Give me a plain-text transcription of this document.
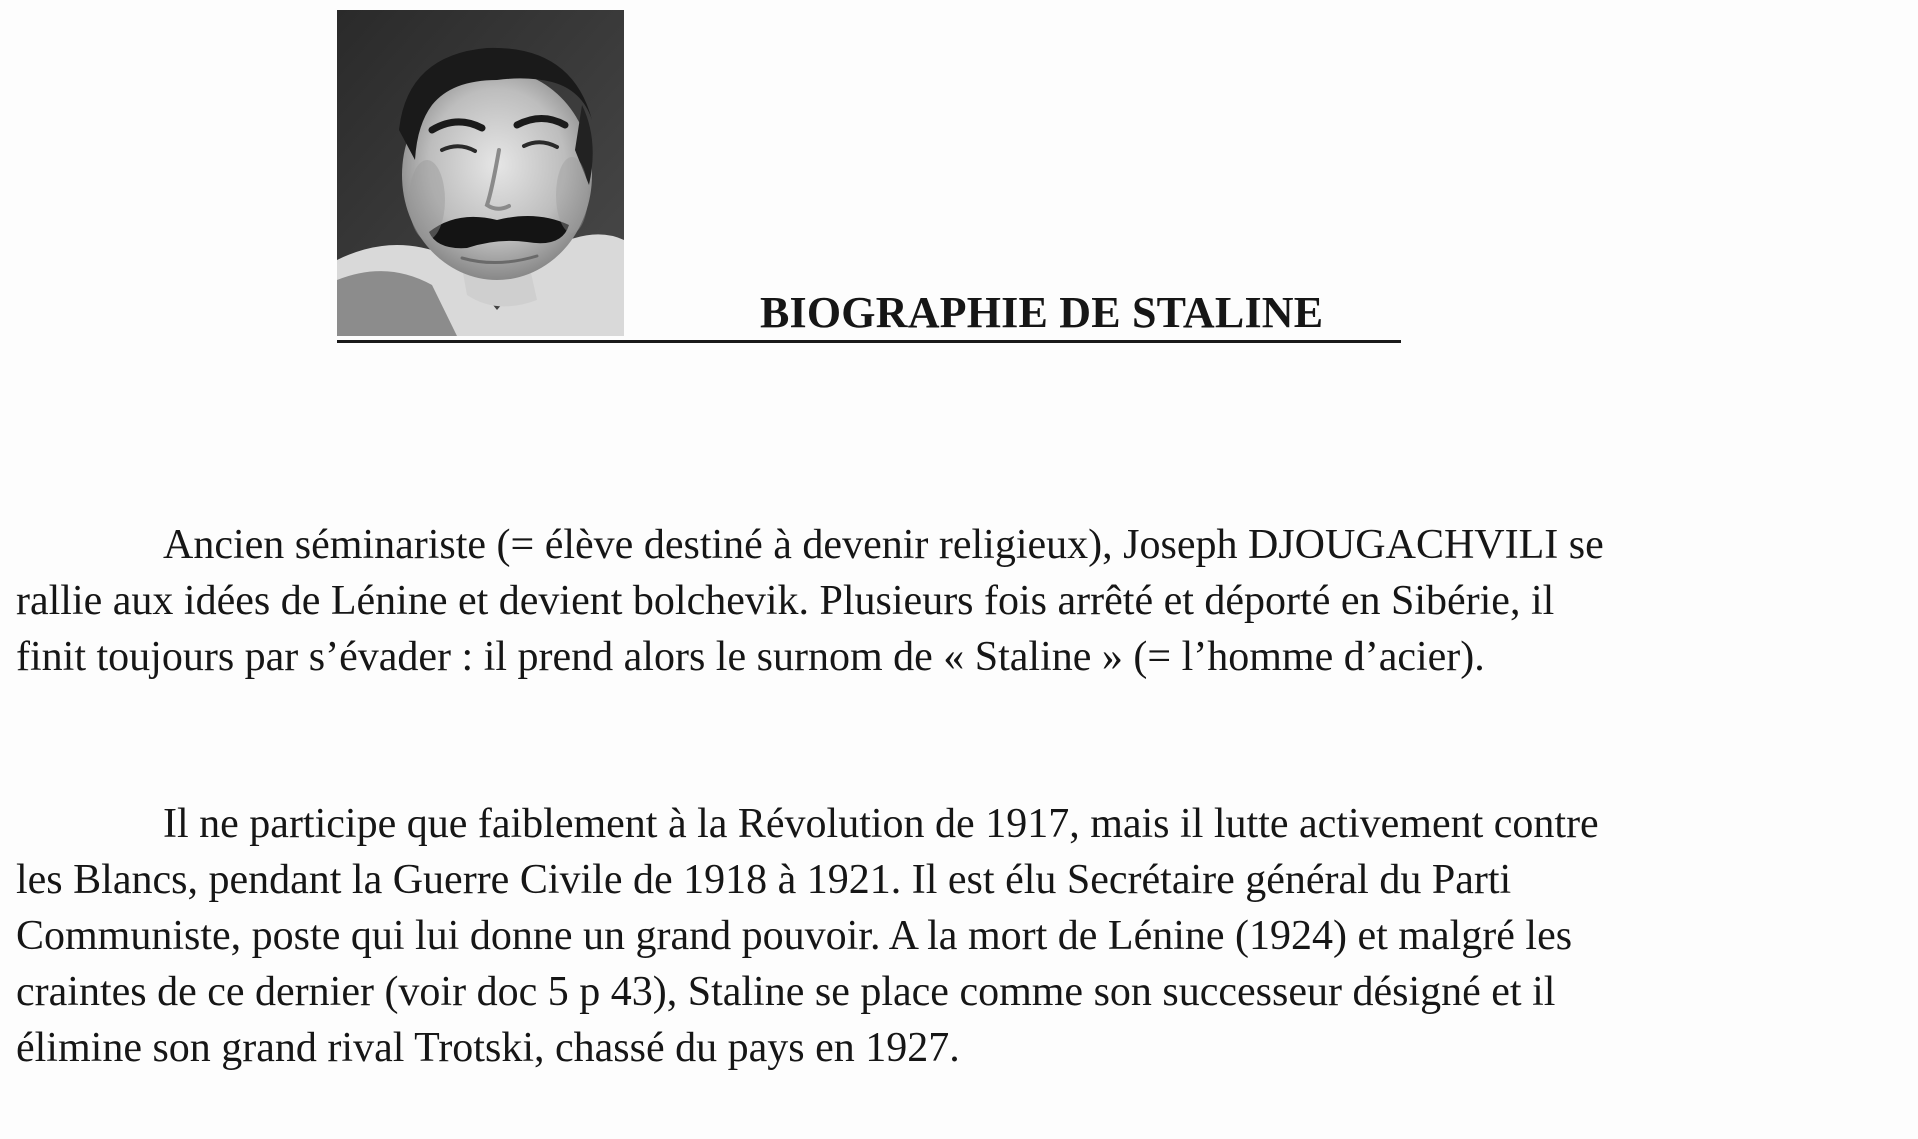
BIOGRAPHIE DE STALINE

Ancien séminariste (= élève destiné à devenir religieux), Joseph DJOUGACHVILI se
rallie aux idées de Lénine et devient bolchevik. Plusieurs fois arrêté et déporté en Sibérie, il
finit toujours par s’évader : il prend alors le surnom de « Staline » (= l’homme d’acier).

Il ne participe que faiblement à la Révolution de 1917, mais il lutte activement contre
les Blancs, pendant la Guerre Civile de 1918 à 1921. Il est élu Secrétaire général du Parti
Communiste, poste qui lui donne un grand pouvoir. A la mort de Lénine (1924) et malgré les
craintes de ce dernier (voir doc 5 p 43), Staline se place comme son successeur désigné et il
élimine son grand rival Trotski, chassé du pays en 1927.
